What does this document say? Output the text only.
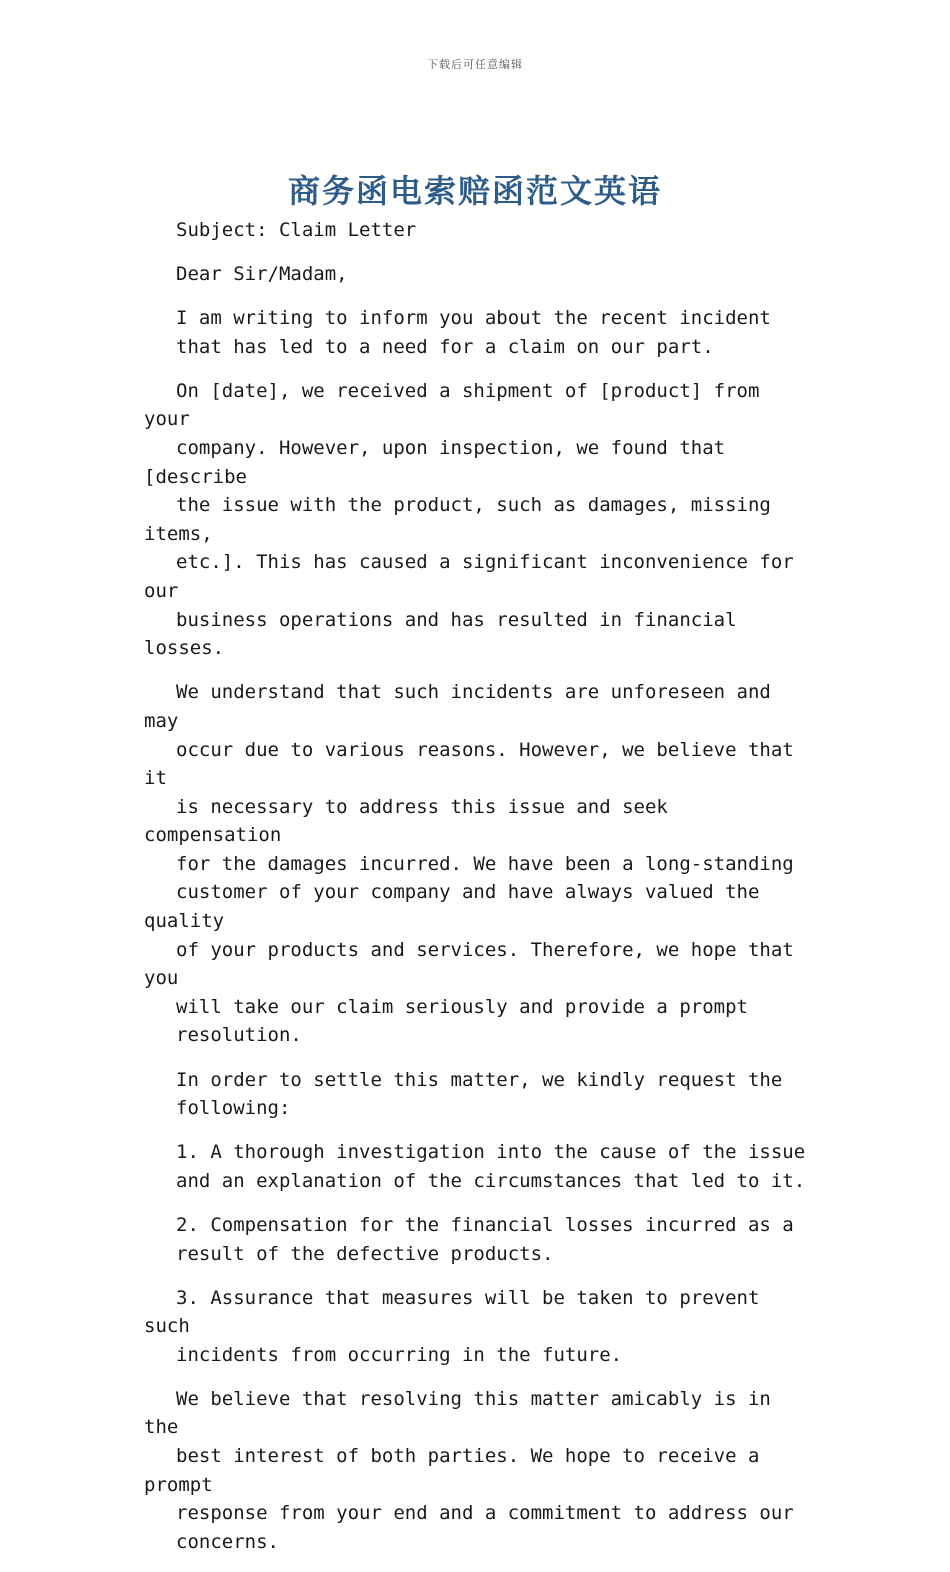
下载后可任意编辑
商务函电索赔函范文英语

Subject: Claim Letter

Dear Sir/Madam,

I am writing to inform you about the recent incident
that has led to a need for a claim on our part.

On [date], we received a shipment of [product] from your
company. However, upon inspection, we found that [describe
the issue with the product, such as damages, missing items,
etc.]. This has caused a significant inconvenience for our
business operations and has resulted in financial losses.

We understand that such incidents are unforeseen and may
occur due to various reasons. However, we believe that it
is necessary to address this issue and seek compensation
for the damages incurred. We have been a long-standing
customer of your company and have always valued the quality
of your products and services. Therefore, we hope that you
will take our claim seriously and provide a prompt
resolution.

In order to settle this matter, we kindly request the
following:

1. A thorough investigation into the cause of the issue
and an explanation of the circumstances that led to it.

2. Compensation for the financial losses incurred as a
result of the defective products.

3. Assurance that measures will be taken to prevent such
incidents from occurring in the future.

We believe that resolving this matter amicably is in the
best interest of both parties. We hope to receive a prompt
response from your end and a commitment to address our
concerns.
